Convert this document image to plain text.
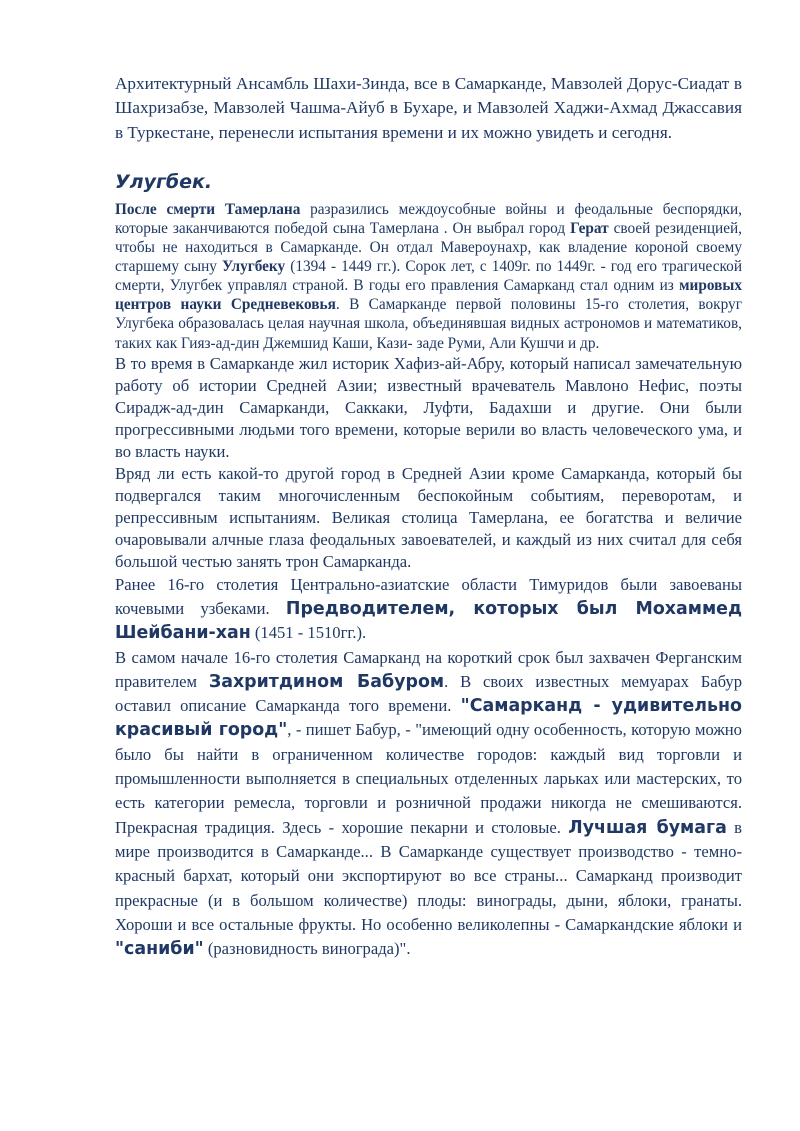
Архитектурный Ансамбль Шахи-Зинда, все в Самарканде, Мавзолей Дорус-Сиадат в Шахризабзе, Мавзолей Чашма-Айуб в Бухаре, и Мавзолей Хаджи-Ахмад Джассавия в Туркестане, перенесли испытания времени и их можно увидеть и сегодня.

Улугбек.

После смерти Тамерлана разразились междоусобные войны и феодальные беспорядки, которые заканчиваются победой сына Тамерлана . Он выбрал город Герат своей резиденцией, чтобы не находиться в Самарканде. Он отдал Мавероунахр, как владение короной своему старшему сыну Улугбеку (1394 - 1449 гг.). Сорок лет, с 1409г. по 1449г. - год его трагической смерти, Улугбек управлял страной. В годы его правления Самарканд стал одним из мировых центров науки Средневековья. В Самарканде первой половины 15-го столетия, вокруг Улугбека образовалась целая научная школа, объединявшая видных астрономов и математиков, таких как Гияз-ад-дин Джемшид Каши, Кази- заде Руми, Али Кушчи и др.

В то время в Самарканде жил историк Хафиз-ай-Абру, который написал замечательную работу об истории Средней Азии; известный врачеватель Мавлоно Нефис, поэты Сирадж-ад-дин Самарканди, Саккаки, Луфти, Бадахши и другие. Они были прогрессивными людьми того времени, которые верили во власть человеческого ума, и во власть науки.

Вряд ли есть какой-то другой город в Средней Азии кроме Самарканда, который бы подвергался таким многочисленным беспокойным событиям, переворотам, и репрессивным испытаниям. Великая столица Тамерлана, ее богатства и величие очаровывали алчные глаза феодальных завоевателей, и каждый из них считал для себя большой честью занять трон Самарканда.

Ранее 16-го столетия Центрально-азиатские области Тимуридов были завоеваны кочевыми узбеками. Предводителем, которых был Мохаммед Шейбани-хан (1451 - 1510гг.).

В самом начале 16-го столетия Самарканд на короткий срок был захвачен Ферганским правителем Захритдином Бабуром. В своих известных мемуарах Бабур оставил описание Самарканда того времени. "Самарканд - удивительно красивый город", - пишет Бабур, - "имеющий одну особенность, которую можно было бы найти в ограниченном количестве городов: каждый вид торговли и промышленности выполняется в специальных отделенных ларьках или мастерских, то есть категории ремесла, торговли и розничной продажи никогда не смешиваются. Прекрасная традиция. Здесь - хорошие пекарни и столовые. Лучшая бумага в мире производится в Самарканде... В Самарканде существует производство - темно-красный бархат, который они экспортируют во все страны... Самарканд производит прекрасные (и в большом количестве) плоды: винограды, дыни, яблоки, гранаты. Хороши и все остальные фрукты. Но особенно великолепны - Самаркандские яблоки и "саниби" (разновидность винограда)".
